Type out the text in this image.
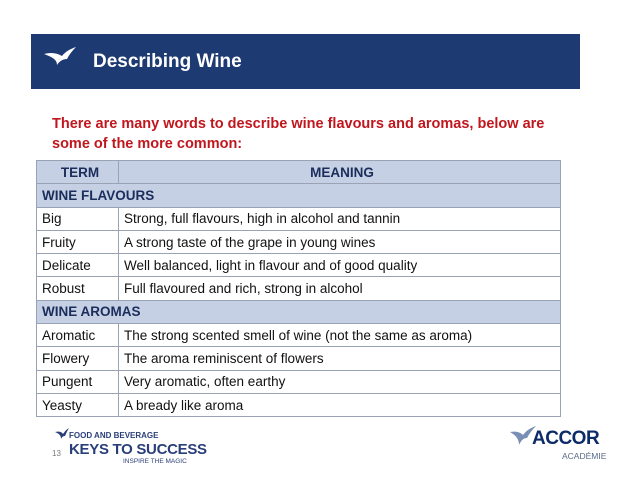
Describing Wine
There are many words to describe wine flavours and aromas, below are some of the more common:
TERM	MEANING
WINE FLAVOURS	
Big	Strong, full flavours, high in alcohol and tannin
Fruity	A strong taste of the grape in young wines
Delicate	Well balanced, light in flavour and of good quality
Robust	Full flavoured and rich, strong in alcohol
WINE AROMAS	
Aromatic	The strong scented smell of wine (not the same as aroma)
Flowery	The aroma reminiscent of flowers
Pungent	Very aromatic, often earthy
Yeasty	A bready like aroma
FOOD AND BEVERAGE
KEYS TO SUCCESS
INSPIRE THE MAGIC
13
ACCOR
ACADÉMIE
